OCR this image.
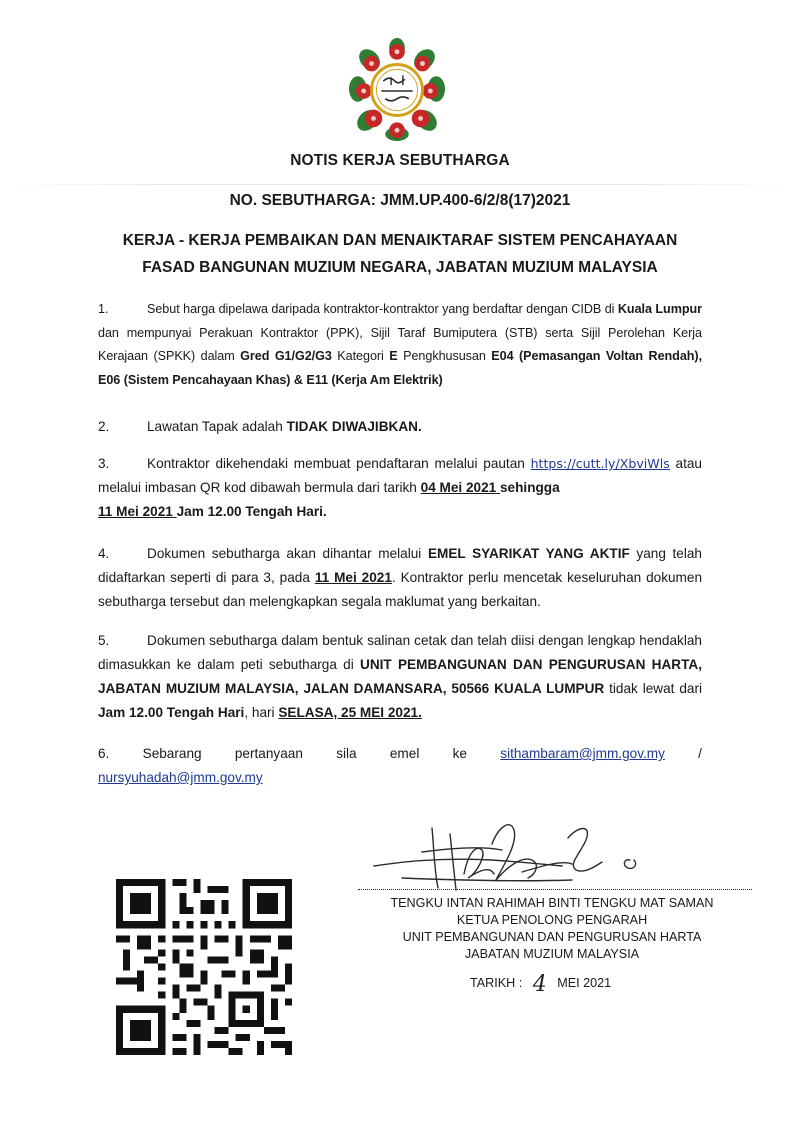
NOTIS KERJA SEBUTHARGA
NO. SEBUTHARGA: JMM.UP.400-6/2/8(17)2021
KERJA - KERJA PEMBAIKAN DAN MENAIKTARAF SISTEM PENCAHAYAAN
FASAD BANGUNAN MUZIUM NEGARA, JABATAN MUZIUM MALAYSIA
1.	Sebut harga dipelawa daripada kontraktor-kontraktor yang berdaftar dengan CIDB di Kuala Lumpur dan mempunyai Perakuan Kontraktor (PPK), Sijil Taraf Bumiputera (STB) serta Sijil Perolehan Kerja Kerajaan (SPKK) dalam Gred G1/G2/G3 Kategori E Pengkhususan E04 (Pemasangan Voltan Rendah), E06 (Sistem Pencahayaan Khas) & E11 (Kerja Am Elektrik)
2.	Lawatan Tapak adalah TIDAK DIWAJIBKAN.
3.	Kontraktor dikehendaki membuat pendaftaran melalui pautan https://cutt.ly/XbviWls atau melalui imbasan QR kod dibawah bermula dari tarikh 04 Mei 2021 sehingga
11 Mei 2021 Jam 12.00 Tengah Hari.
4.	Dokumen sebutharga akan dihantar melalui EMEL SYARIKAT YANG AKTIF yang telah didaftarkan seperti di para 3, pada 11 Mei 2021. Kontraktor perlu mencetak keseluruhan dokumen sebutharga tersebut dan melengkapkan segala maklumat yang berkaitan.
5.	Dokumen sebutharga dalam bentuk salinan cetak dan telah diisi dengan lengkap hendaklah dimasukkan ke dalam peti sebutharga di UNIT PEMBANGUNAN DAN PENGURUSAN HARTA, JABATAN MUZIUM MALAYSIA, JALAN DAMANSARA, 50566 KUALA LUMPUR tidak lewat dari Jam 12.00 Tengah Hari, hari SELASA, 25 MEI 2021.
6. Sebarang pertanyaan sila emel ke sithambaram@jmm.gov.my /
nursyuhadah@jmm.gov.my
TENGKU INTAN RAHIMAH BINTI TENGKU MAT SAMAN
KETUA PENOLONG PENGARAH
UNIT PEMBANGUNAN DAN PENGURUSAN HARTA
JABATAN MUZIUM MALAYSIA
TARIKH : 4 MEI 2021
